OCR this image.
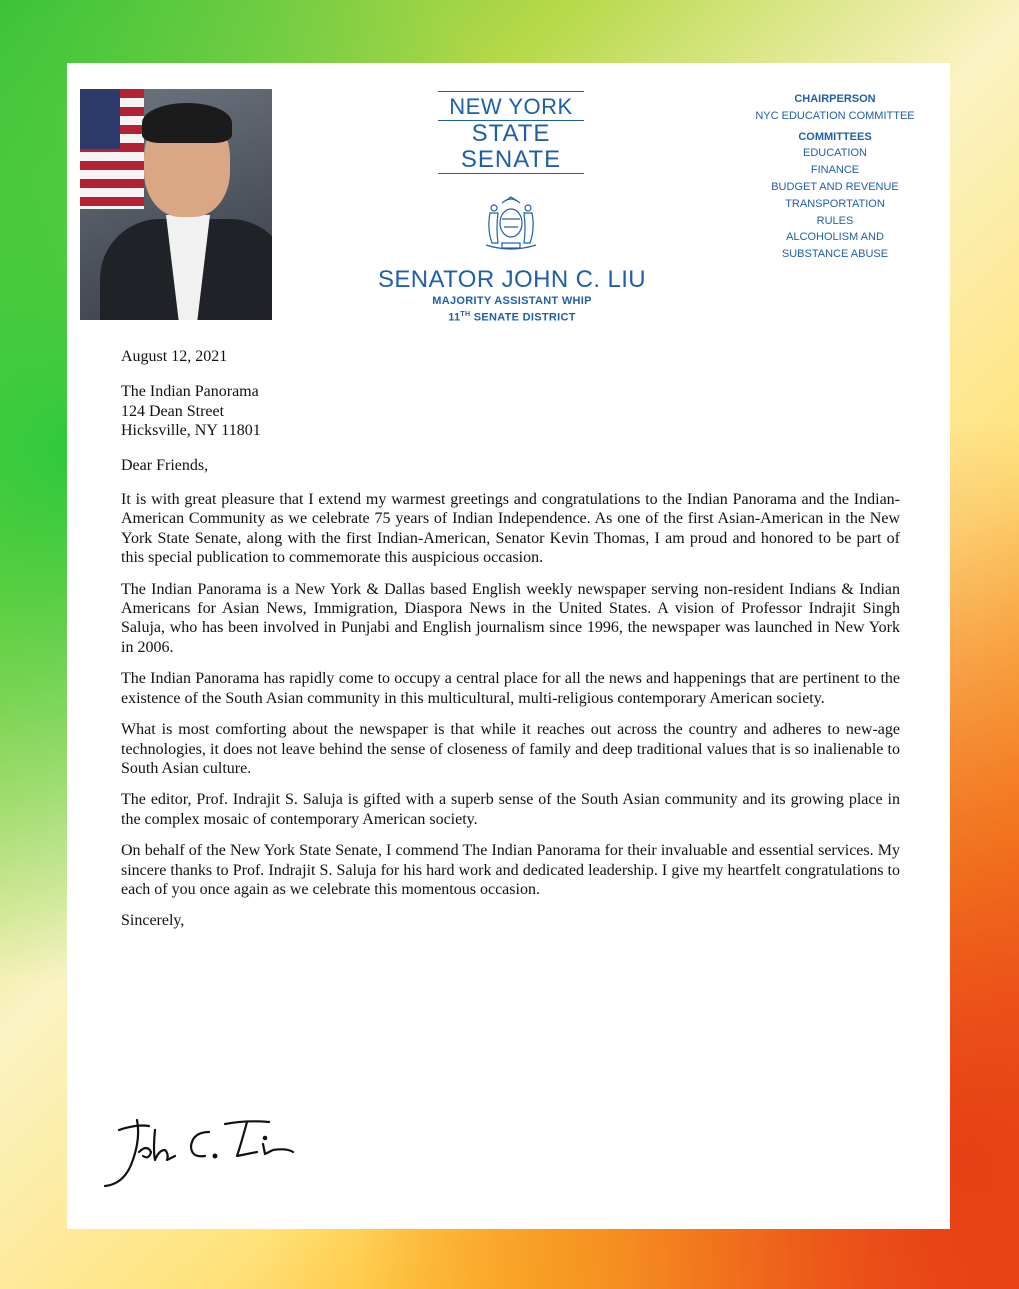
NEW YORK
STATE
SENATE
SENATOR JOHN C. LIU
MAJORITY ASSISTANT WHIP
11TH SENATE DISTRICT
CHAIRPERSON
NYC EDUCATION COMMITTEE
COMMITTEES
EDUCATION
FINANCE
BUDGET AND REVENUE
TRANSPORTATION
RULES
ALCOHOLISM AND
SUBSTANCE ABUSE

August 12, 2021

The Indian Panorama

124 Dean Street

Hicksville, NY 11801

Dear Friends,

It is with great pleasure that I extend my warmest greetings and congratulations to the Indian Panorama and the Indian-American Community as we celebrate 75 years of Indian Independence. As one of the first Asian-American in the New York State Senate, along with the first Indian-American, Senator Kevin Thomas, I am proud and honored to be part of this special publication to commemorate this auspicious occasion.

The Indian Panorama is a New York & Dallas based English weekly newspaper serving non-resident Indians & Indian Americans for Asian News, Immigration, Diaspora News in the United States. A vision of Professor Indrajit Singh Saluja, who has been involved in Punjabi and English journalism since 1996, the newspaper was launched in New York in 2006.

The Indian Panorama has rapidly come to occupy a central place for all the news and happenings that are pertinent to the existence of the South Asian community in this multicultural, multi-religious contemporary American society.

What is most comforting about the newspaper is that while it reaches out across the country and adheres to new-age technologies, it does not leave behind the sense of closeness of family and deep traditional values that is so inalienable to South Asian culture.

The editor, Prof. Indrajit S. Saluja is gifted with a superb sense of the South Asian community and its growing place in the complex mosaic of contemporary American society.

On behalf of the New York State Senate, I commend The Indian Panorama for their invaluable and essential services. My sincere thanks to Prof. Indrajit S. Saluja for his hard work and dedicated leadership. I give my heartfelt congratulations to each of you once again as we celebrate this momentous occasion.

Sincerely,
